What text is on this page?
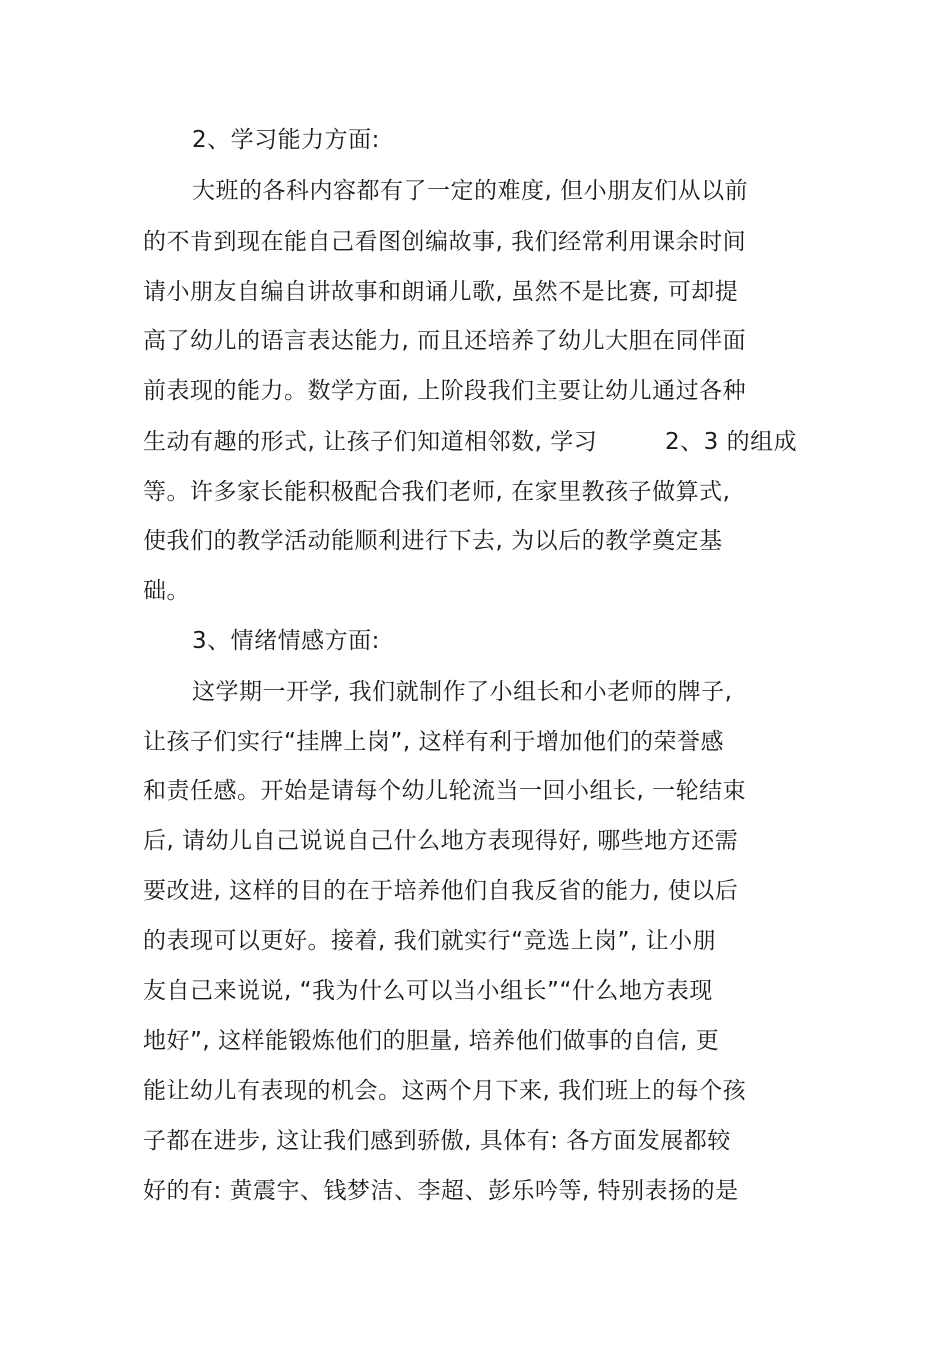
2、学习能力方面:
大班的各科内容都有了一定的难度, 但小朋友们从以前
的不肯到现在能自己看图创编故事, 我们经常利用课余时间
请小朋友自编自讲故事和朗诵儿歌, 虽然不是比赛, 可却提
高了幼儿的语言表达能力, 而且还培养了幼儿大胆在同伴面
前表现的能力。数学方面, 上阶段我们主要让幼儿通过各种
生动有趣的形式, 让孩子们知道相邻数, 学习	2、3 的组成
等。许多家长能积极配合我们老师, 在家里教孩子做算式,
使我们的教学活动能顺利进行下去, 为以后的教学奠定基
础。
3、情绪情感方面:
这学期一开学, 我们就制作了小组长和小老师的牌子,
让孩子们实行“挂牌上岗”, 这样有利于增加他们的荣誉感
和责任感。开始是请每个幼儿轮流当一回小组长, 一轮结束
后, 请幼儿自己说说自己什么地方表现得好, 哪些地方还需
要改进, 这样的目的在于培养他们自我反省的能力, 使以后
的表现可以更好。接着, 我们就实行“竞选上岗”, 让小朋
友自己来说说, “我为什么可以当小组长”“什么地方表现
地好”, 这样能锻炼他们的胆量, 培养他们做事的自信, 更
能让幼儿有表现的机会。这两个月下来, 我们班上的每个孩
子都在进步, 这让我们感到骄傲, 具体有: 各方面发展都较
好的有: 黄震宇、钱梦洁、李超、彭乐吟等, 特别表扬的是
